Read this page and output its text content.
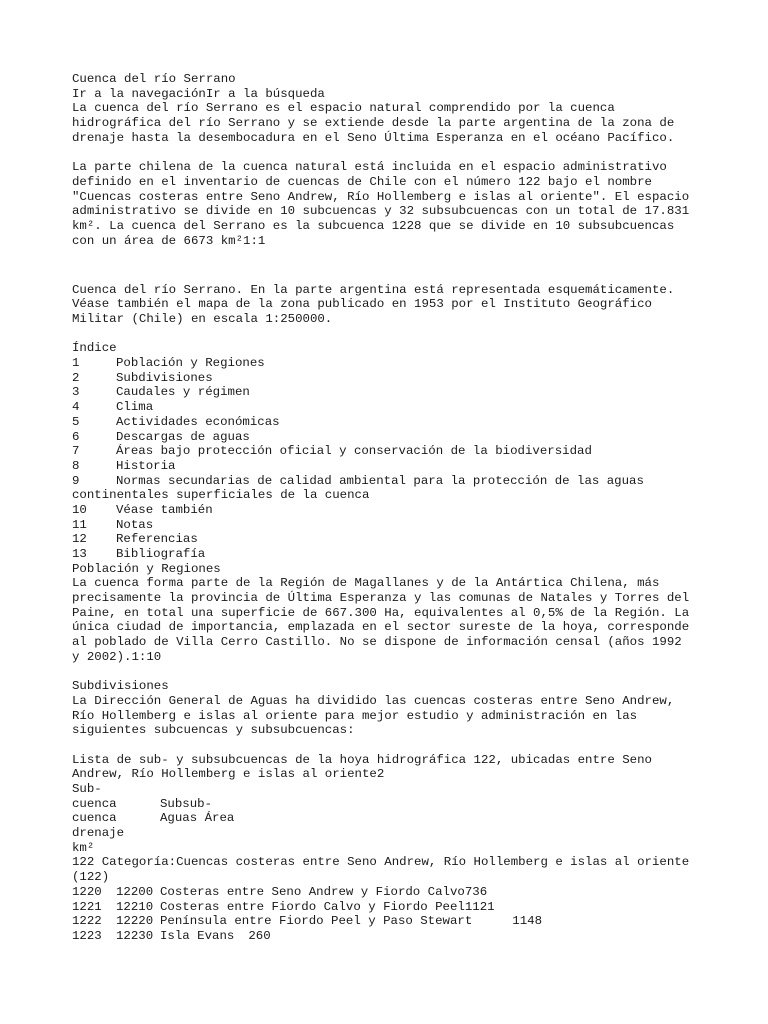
Cuenca del río Serrano
Ir a la navegaciónIr a la búsqueda
La cuenca del río Serrano es el espacio natural comprendido por la cuenca
hidrográfica del río Serrano y se extiende desde la parte argentina de la zona de
drenaje hasta la desembocadura en el Seno Última Esperanza en el océano Pacífico.
La parte chilena de la cuenca natural está incluida en el espacio administrativo
definido en el inventario de cuencas de Chile con el número 122 bajo el nombre
"Cuencas costeras entre Seno Andrew, Río Hollemberg e islas al oriente". El espacio
administrativo se divide en 10 subcuencas y 32 subsubcuencas con un total de 17.831
km². La cuenca del Serrano es la subcuenca 1228 que se divide en 10 subsubcuencas
con un área de 6673 km²1:1
Cuenca del río Serrano. En la parte argentina está representada esquemáticamente.
Véase también el mapa de la zona publicado en 1953 por el Instituto Geográfico
Militar (Chile) en escala 1:250000.
Índice
1	Población y Regiones
2	Subdivisiones
3	Caudales y régimen
4	Clima
5	Actividades económicas
6	Descargas de aguas
7	Áreas bajo protección oficial y conservación de la biodiversidad
8	Historia
9	Normas secundarias de calidad ambiental para la protección de las aguas
continentales superficiales de la cuenca
10	Véase también
11	Notas
12	Referencias
13	Bibliografía
Población y Regiones
La cuenca forma parte de la Región de Magallanes y de la Antártica Chilena, más
precisamente la provincia de Última Esperanza y las comunas de Natales y Torres del
Paine, en total una superficie de 667.300 Ha, equivalentes al 0,5% de la Región. La
única ciudad de importancia, emplazada en el sector sureste de la hoya, corresponde
al poblado de Villa Cerro Castillo. No se dispone de información censal (años 1992
y 2002).1:10
Subdivisiones
La Dirección General de Aguas ha dividido las cuencas costeras entre Seno Andrew,
Río Hollemberg e islas al oriente para mejor estudio y administración en las
siguientes subcuencas y subsubcuencas:
Lista de sub- y subsubcuencas de la hoya hidrográfica 122, ubicadas entre Seno
Andrew, Río Hollemberg e islas al oriente2
Sub-
cuenca	Subsub-
cuenca	Aguas Área
drenaje
km²
122 Categoría:Cuencas costeras entre Seno Andrew, Río Hollemberg e islas al oriente
(122)
1220	12200 Costeras entre Seno Andrew y Fiordo Calvo 736
1221	12210 Costeras entre Fiordo Calvo y Fiordo Peel 1121
1222	12220 Península entre Fiordo Peel y Paso Stewart	1148
1223	12230 Isla Evans 260
